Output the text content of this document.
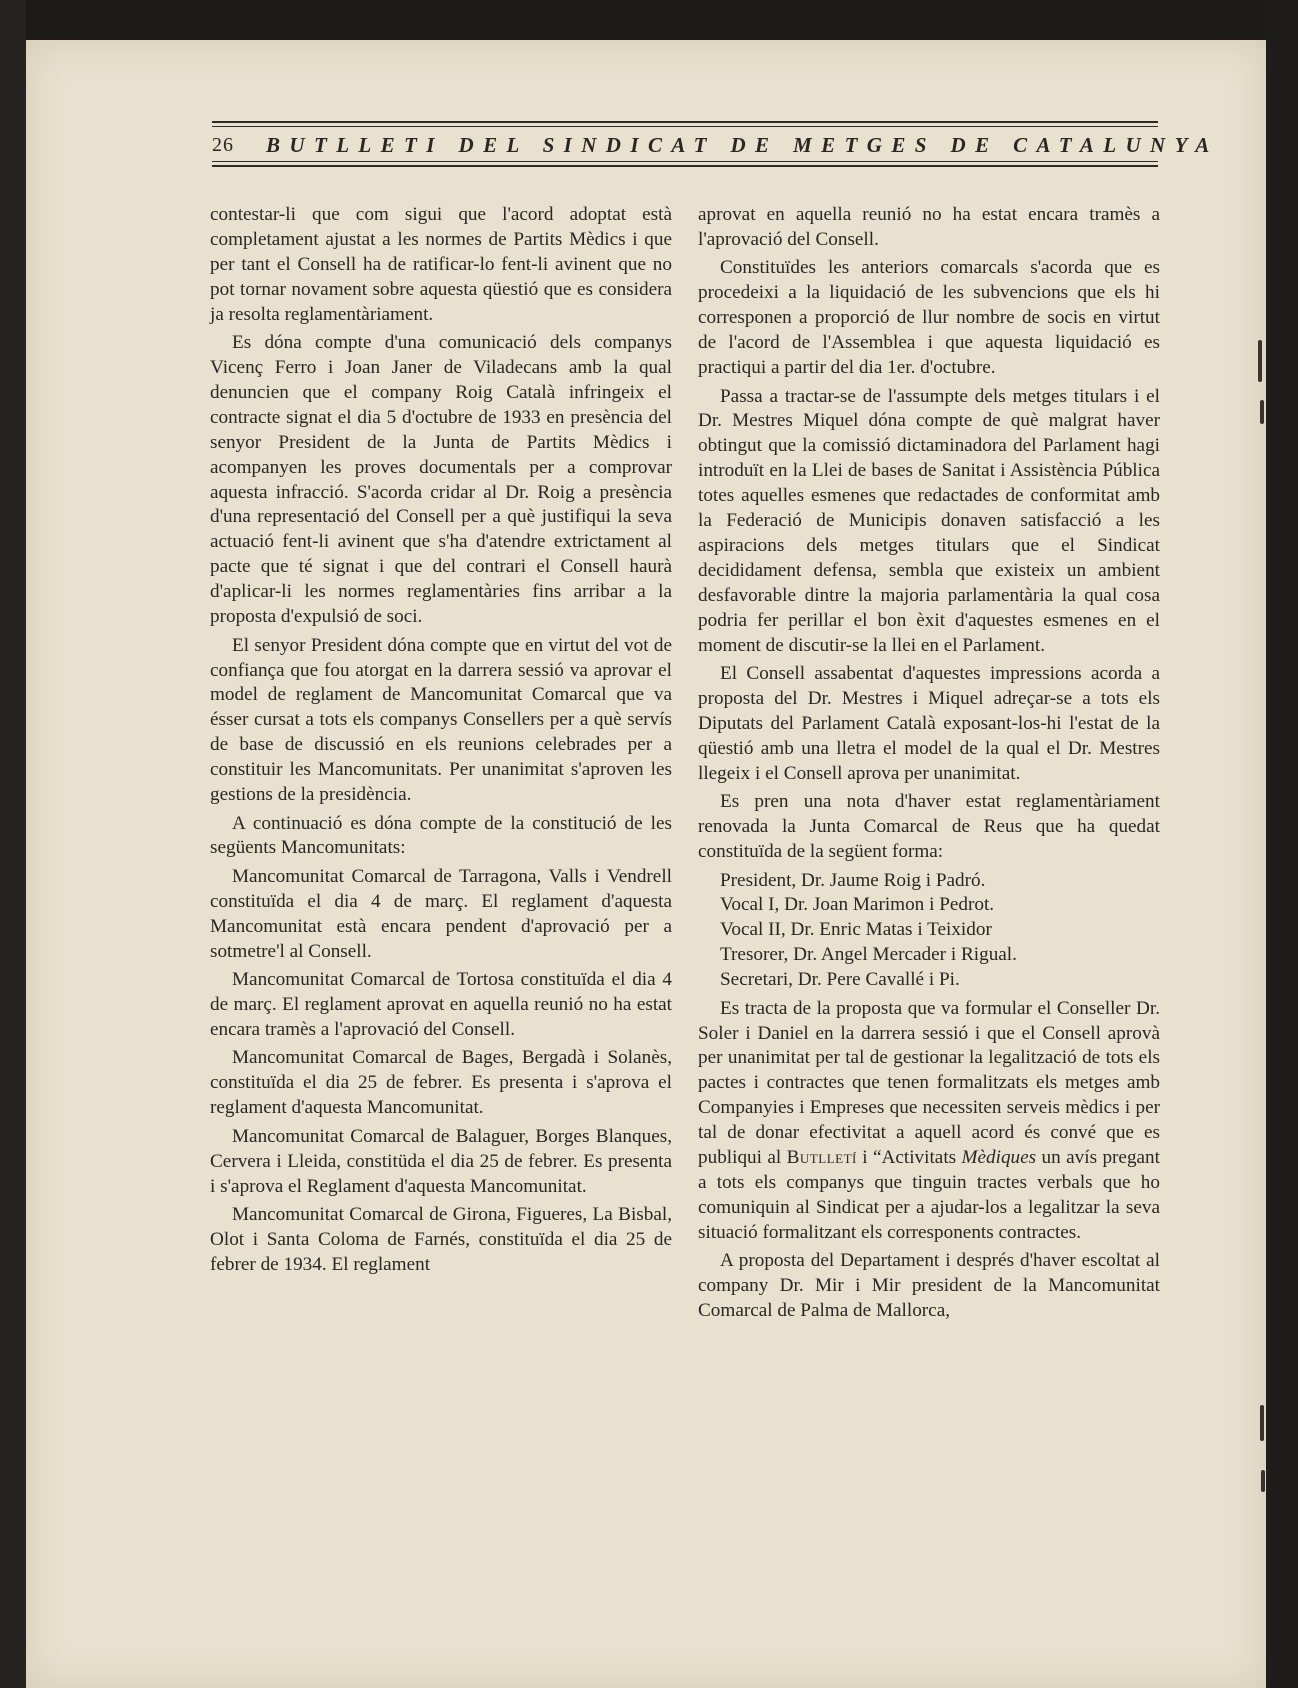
26 BUTLLETI DEL SINDICAT DE METGES DE CATALUNYA

contestar-li que com sigui que l'acord adoptat està completament ajustat a les normes de Partits Mèdics i que per tant el Consell ha de ratificar-lo fent-li avinent que no pot tornar novament sobre aquesta qüestió que es considera ja resolta reglamentàriament.

Es dóna compte d'una comunicació dels companys Vicenç Ferro i Joan Janer de Viladecans amb la qual denuncien que el company Roig Català infringeix el contracte signat el dia 5 d'octubre de 1933 en presència del senyor President de la Junta de Partits Mèdics i acompanyen les proves documentals per a comprovar aquesta infracció. S'acorda cridar al Dr. Roig a presència d'una representació del Consell per a què justifiqui la seva actuació fent-li avinent que s'ha d'atendre extrictament al pacte que té signat i que del contrari el Consell haurà d'aplicar-li les normes reglamentàries fins arribar a la proposta d'expulsió de soci.

El senyor President dóna compte que en virtut del vot de confiança que fou atorgat en la darrera sessió va aprovar el model de reglament de Mancomunitat Comarcal que va ésser cursat a tots els companys Consellers per a què servís de base de discussió en els reunions celebrades per a constituir les Mancomunitats. Per unanimitat s'aproven les gestions de la presidència.

A continuació es dóna compte de la constitució de les següents Mancomunitats:

Mancomunitat Comarcal de Tarragona, Valls i Vendrell constituïda el dia 4 de març. El reglament d'aquesta Mancomunitat està encara pendent d'aprovació per a sotmetre'l al Consell.

Mancomunitat Comarcal de Tortosa constituïda el dia 4 de març. El reglament aprovat en aquella reunió no ha estat encara tramès a l'aprovació del Consell.

Mancomunitat Comarcal de Bages, Bergadà i Solanès, constituïda el dia 25 de febrer. Es presenta i s'aprova el reglament d'aquesta Mancomunitat.

Mancomunitat Comarcal de Balaguer, Borges Blanques, Cervera i Lleida, constitüda el dia 25 de febrer. Es presenta i s'aprova el Reglament d'aquesta Mancomunitat.

Mancomunitat Comarcal de Girona, Figueres, La Bisbal, Olot i Santa Coloma de Farnés, constituïda el dia 25 de febrer de 1934. El reglament

aprovat en aquella reunió no ha estat encara tramès a l'aprovació del Consell.

Constituïdes les anteriors comarcals s'acorda que es procedeixi a la liquidació de les subvencions que els hi corresponen a proporció de llur nombre de socis en virtut de l'acord de l'Assemblea i que aquesta liquidació es practiqui a partir del dia 1er. d'octubre.

Passa a tractar-se de l'assumpte dels metges titulars i el Dr. Mestres Miquel dóna compte de què malgrat haver obtingut que la comissió dictaminadora del Parlament hagi introduït en la Llei de bases de Sanitat i Assistència Pública totes aquelles esmenes que redactades de conformitat amb la Federació de Municipis donaven satisfacció a les aspiracions dels metges titulars que el Sindicat decididament defensa, sembla que existeix un ambient desfavorable dintre la majoria parlamentària la qual cosa podria fer perillar el bon èxit d'aquestes esmenes en el moment de discutir-se la llei en el Parlament.

El Consell assabentat d'aquestes impressions acorda a proposta del Dr. Mestres i Miquel adreçar-se a tots els Diputats del Parlament Català exposant-los-hi l'estat de la qüestió amb una lletra el model de la qual el Dr. Mestres llegeix i el Consell aprova per unanimitat.

Es pren una nota d'haver estat reglamentàriament renovada la Junta Comarcal de Reus que ha quedat constituïda de la següent forma:

President, Dr. Jaume Roig i Padró.

Vocal I, Dr. Joan Marimon i Pedrot.

Vocal II, Dr. Enric Matas i Teixidor

Tresorer, Dr. Angel Mercader i Rigual.

Secretari, Dr. Pere Cavallé i Pi.

Es tracta de la proposta que va formular el Conseller Dr. Soler i Daniel en la darrera sessió i que el Consell aprovà per unanimitat per tal de gestionar la legalització de tots els pactes i contractes que tenen formalitzats els metges amb Companyies i Empreses que necessiten serveis mèdics i per tal de donar efectivitat a aquell acord és convé que es publiqui al Butlletí i “Activitats Mèdiques un avís pregant a tots els companys que tinguin tractes verbals que ho comuniquin al Sindicat per a ajudar-los a legalitzar la seva situació formalitzant els corresponents contractes.

A proposta del Departament i després d'haver escoltat al company Dr. Mir i Mir president de la Mancomunitat Comarcal de Palma de Mallorca,
